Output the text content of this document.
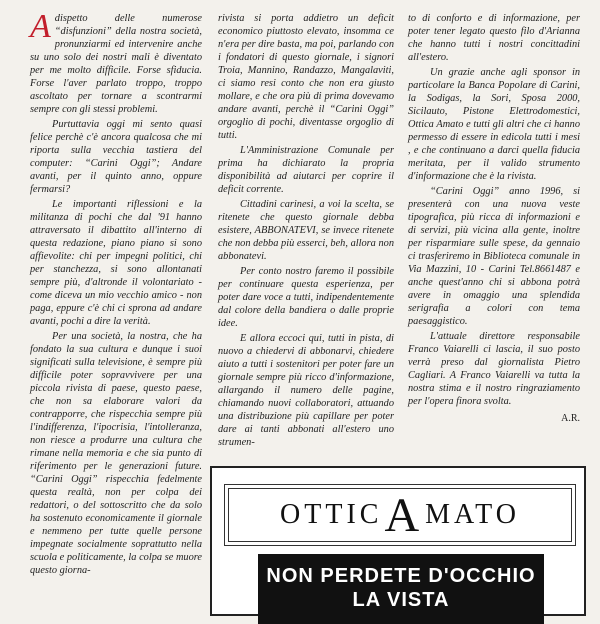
A dispetto delle numerose “disfunzioni” della nostra società, pronunziarmi ed intervenire anche su uno solo dei nostri mali è diventato per me molto difficile. Forse sfiducia. Forse l'aver parlato troppo, troppo ascoltato per tornare a scontrarmi sempre con gli stessi problemi.

Purtuttavia oggi mi sento quasi felice perchè c'è ancora qualcosa che mi riporta sulla vecchia tastiera del computer: “Carini Oggi”; Andare avanti, per il quinto anno, oppure fermarsi?

Le importanti riflessioni e la militanza di pochi che dal '91 hanno attraversato il dibattito all'interno di questa redazione, piano piano si sono affievolite: chi per impegni politici, chi per stanchezza, si sono allontanati sempre più, d'altronde il volontariato - come diceva un mio vecchio amico - non paga, eppure c'è chi ci sprona ad andare avanti, pochi a dire la verità.

Per una società, la nostra, che ha fondato la sua cultura e dunque i suoi significati sulla televisione, è sempre più difficile poter sopravvivere per una piccola rivista di paese, questo paese, che non sa elaborare valori da contrapporre, che rispecchia sempre più l'indifferenza, l'ipocrisia, l'intolleranza, non riesce a produrre una cultura che rimane nella memoria e che sia punto di riferimento per le generazioni future. “Carini Oggi” rispecchia fedelmente questa realtà, non per colpa dei redattori, o del sottoscritto che da solo ha sostenuto economicamente il giornale e nemmeno per tutte quelle persone impegnate socialmente soprattutto nella scuola e politicamente, la colpa se muore questo giorna-

rivista si porta addietro un deficit economico piuttosto elevato, insomma ce n'era per dire basta, ma poi, parlando con i fondatori di questo giornale, i signori Troia, Mannino, Randazzo, Mangalaviti, ci siamo resi conto che non era giusto mollare, e che ora più di prima dovevamo andare avanti, perchè il “Carini Oggi” orgoglio di pochi, diventasse orgoglio di tutti.

L'Amministrazione Comunale per prima ha dichiarato la propria disponibilità ad aiutarci per coprire il deficit corrente.

Cittadini carinesi, a voi la scelta, se ritenete che questo giornale debba esistere, ABBONATEVI, se invece ritenete che non debba più esserci, beh, allora non abbonatevi.

Per conto nostro faremo il possibile per continuare questa esperienza, per poter dare voce a tutti, indipendentemente dal colore della bandiera o dalle proprie idee.

E allora eccoci qui, tutti in pista, di nuovo a chiedervi di abbonarvi, chiedere aiuto a tutti i sostenitori per poter fare un giornale sempre più ricco d'informazione, allargando il numero delle pagine, chiamando nuovi collaboratori, attuando una distribuzione più capillare per poter dare ai tanti abbonati all'estero uno strumen-

to di conforto e di informazione, per poter tener legato questo filo d'Arianna che hanno tutti i nostri concittadini all'estero.

Un grazie anche agli sponsor in particolare la Banca Popolare di Carini, la Sodigas, la Sori, Sposa 2000, Sicilauto, Pistone Elettrodomestici, Ottica Amato e tutti gli altri che ci hanno permesso di essere in edicola tutti i mesi , e che continuano a darci quella fiducia meritata, per il valido strumento d'informazione che è la rivista.

“Carini Oggi” anno 1996, si presenterà con una nuova veste tipografica, più ricca di informazioni e di servizi, più vicina alla gente, inoltre per risparmiare sulle spese, da gennaio ci trasferiremo in Biblioteca comunale in Via Mazzini, 10 - Carini Tel.8661487 e anche quest'anno chi si abbona potrà avere in omaggio una splendida serigrafia a colori con tema paesaggistico.

L'attuale direttore responsabile Franco Vaiarelli ci lascia, il suo posto verrà preso dal giornalista Pietro Cagliari. A Franco Vaiarelli va tutta la nostra stima e il nostro ringraziamento per l'opera finora svolta.

A.R.
OTTIC A MATO
NON PERDETE D'OCCHIO
LA VISTA
